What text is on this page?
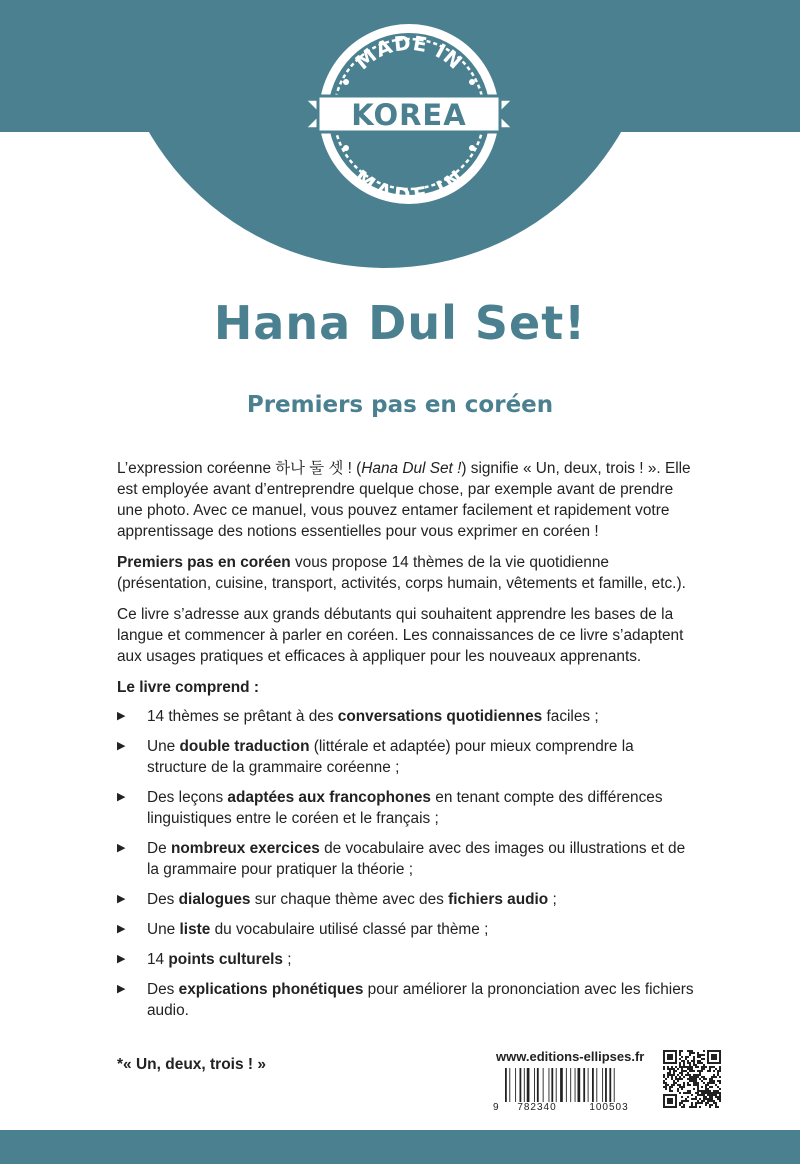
MADE IN
MADE IN
KOREA
Hana Dul Set!
Premiers pas en coréen

L’expression coréenne 하나 둘 셋 ! (Hana Dul Set !) signifie « Un, deux, trois ! ». Elle est employée avant d’entreprendre quelque chose, par exemple avant de prendre une photo. Avec ce manuel, vous pouvez entamer facilement et rapidement votre apprentissage des notions essentielles pour vous exprimer en coréen !

Premiers pas en coréen vous propose 14 thèmes de la vie quotidienne (présentation, cuisine, transport, activités, corps humain, vêtements et famille, etc.).

Ce livre s’adresse aux grands débutants qui souhaitent apprendre les bases de la langue et commencer à parler en coréen. Les connaissances de ce livre s’adaptent aux usages pratiques et efficaces à appliquer pour les nouveaux apprenants.

Le livre comprend :

▶ 14 thèmes se prêtant à des conversations quotidiennes faciles ;
▶ Une double traduction (littérale et adaptée) pour mieux comprendre la structure de la grammaire coréenne ;
▶ Des leçons adaptées aux francophones en tenant compte des différences linguistiques entre le coréen et le français ;
▶ De nombreux exercices de vocabulaire avec des images ou illustrations et de la grammaire pour pratiquer la théorie ;
▶ Des dialogues sur chaque thème avec des fichiers audio ;
▶ Une liste du vocabulaire utilisé classé par thème ;
▶ 14 points culturels ;
▶ Des explications phonétiques pour améliorer la prononciation avec les fichiers audio.
*« Un, deux, trois ! »	www.editions-ellipses.fr
9 782340	100503
